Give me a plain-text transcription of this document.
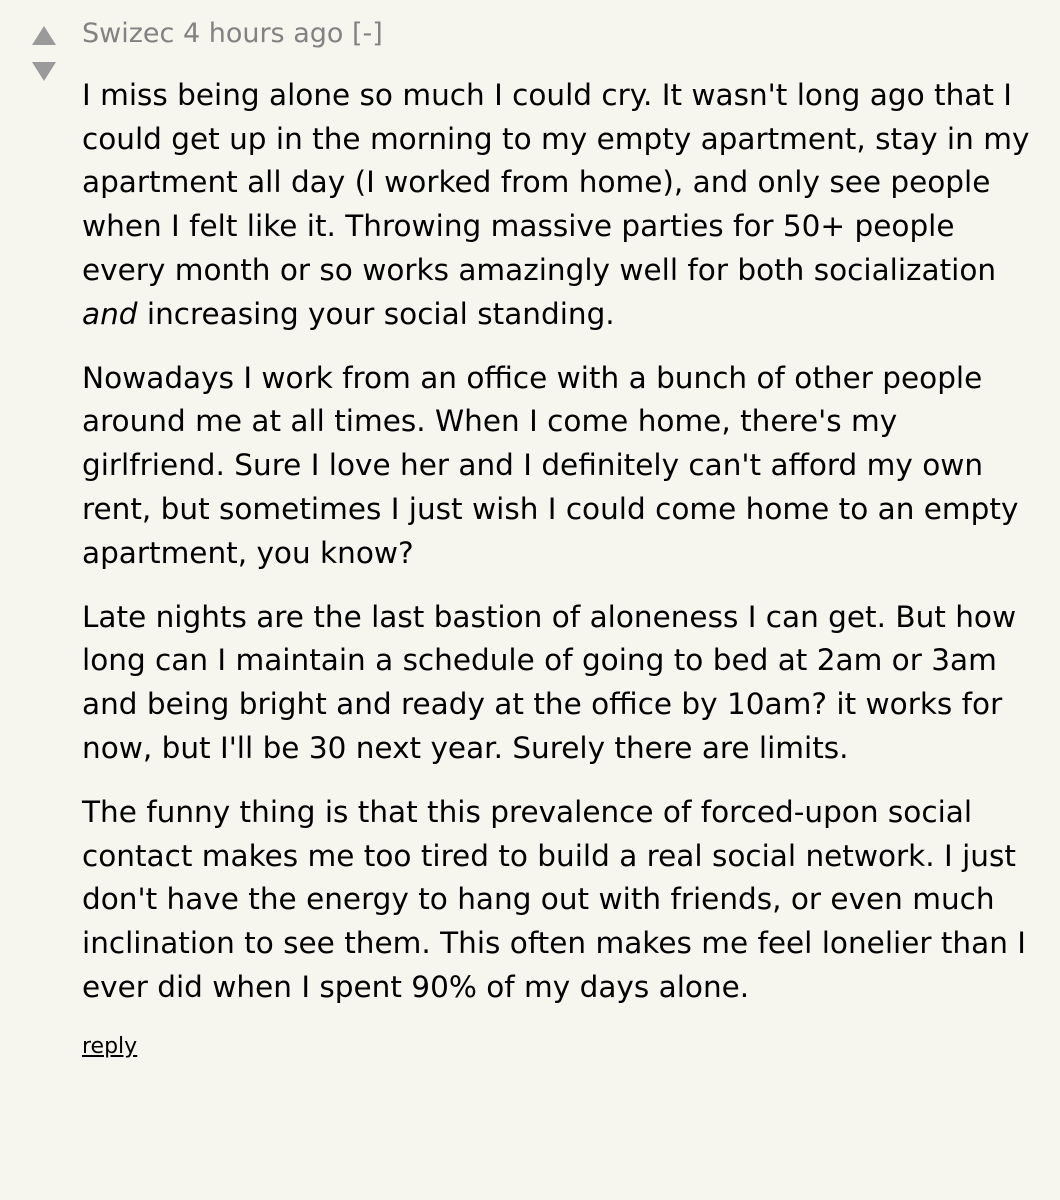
Swizec 4 hours ago [-]

I miss being alone so much I could cry. It wasn't long ago that I could get up in the morning to my empty apartment, stay in my apartment all day (I worked from home), and only see people when I felt like it. Throwing massive parties for 50+ people every month or so works amazingly well for both socialization and increasing your social standing.

Nowadays I work from an office with a bunch of other people around me at all times. When I come home, there's my girlfriend. Sure I love her and I definitely can't afford my own rent, but sometimes I just wish I could come home to an empty apartment, you know?

Late nights are the last bastion of aloneness I can get. But how long can I maintain a schedule of going to bed at 2am or 3am and being bright and ready at the office by 10am? it works for now, but I'll be 30 next year. Surely there are limits.

The funny thing is that this prevalence of forced-upon social contact makes me too tired to build a real social network. I just don't have the energy to hang out with friends, or even much inclination to see them. This often makes me feel lonelier than I ever did when I spent 90% of my days alone.

reply
